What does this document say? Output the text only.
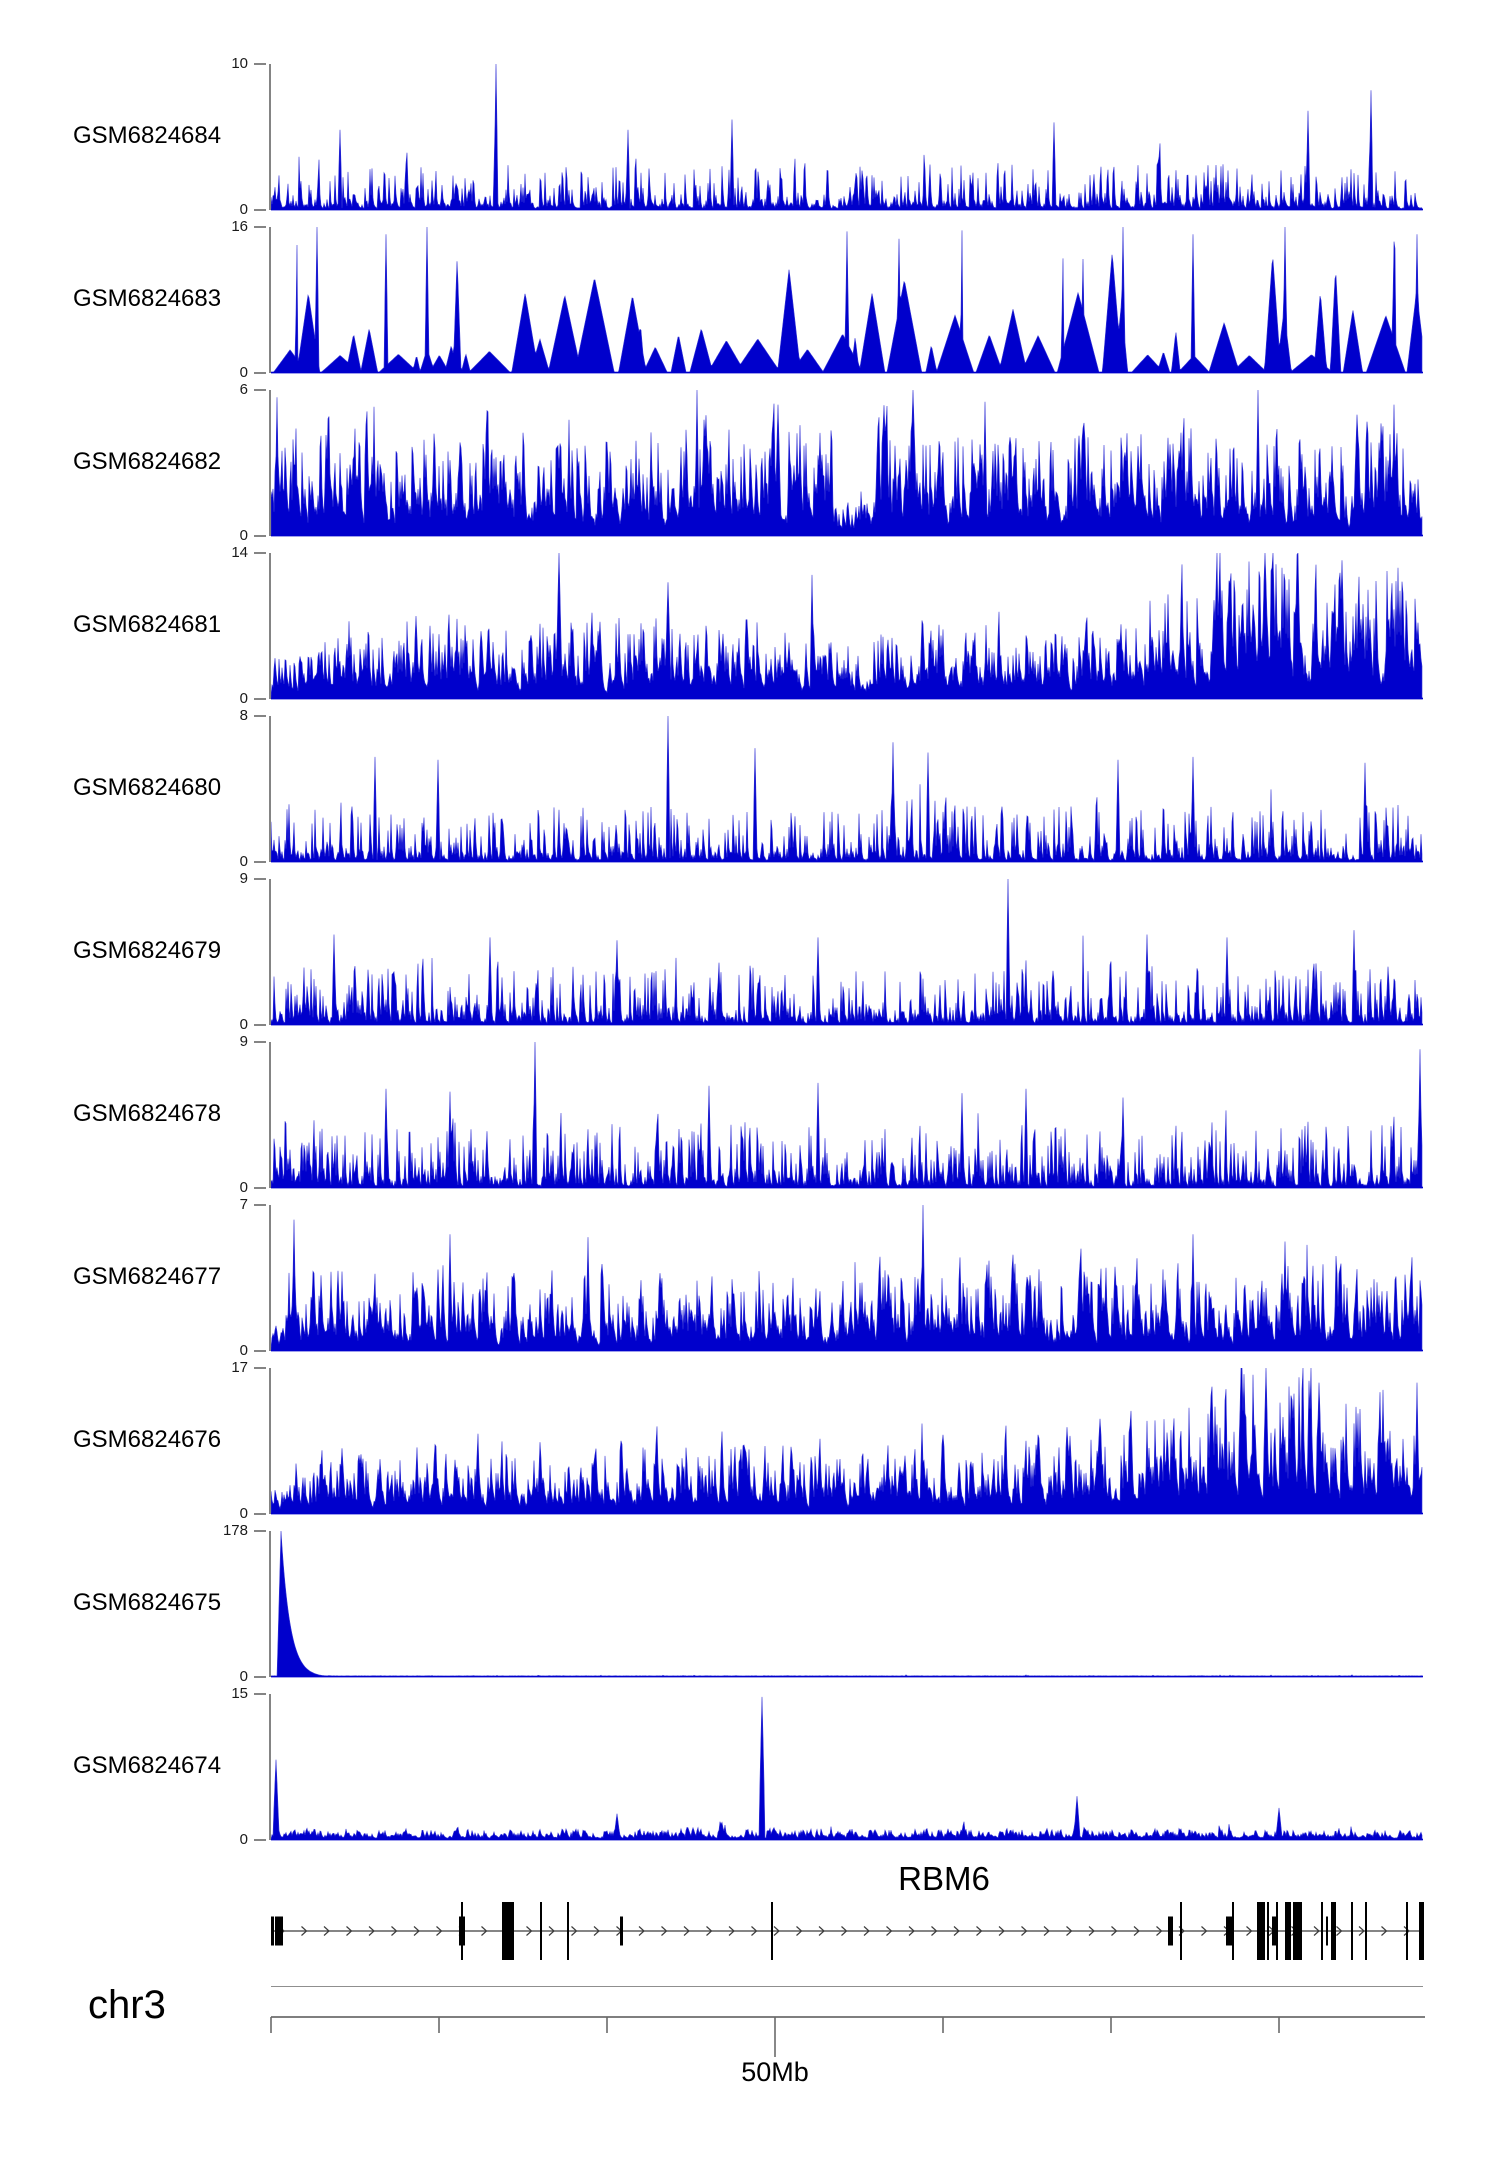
GSM6824684
10
0
GSM6824683
16
0
GSM6824682
6
0
GSM6824681
14
0
GSM6824680
8
0
GSM6824679
9
0
GSM6824678
9
0
GSM6824677
7
0
GSM6824676
17
0
GSM6824675
178
0
GSM6824674
15
0
RBM6
chr3
50Mb
